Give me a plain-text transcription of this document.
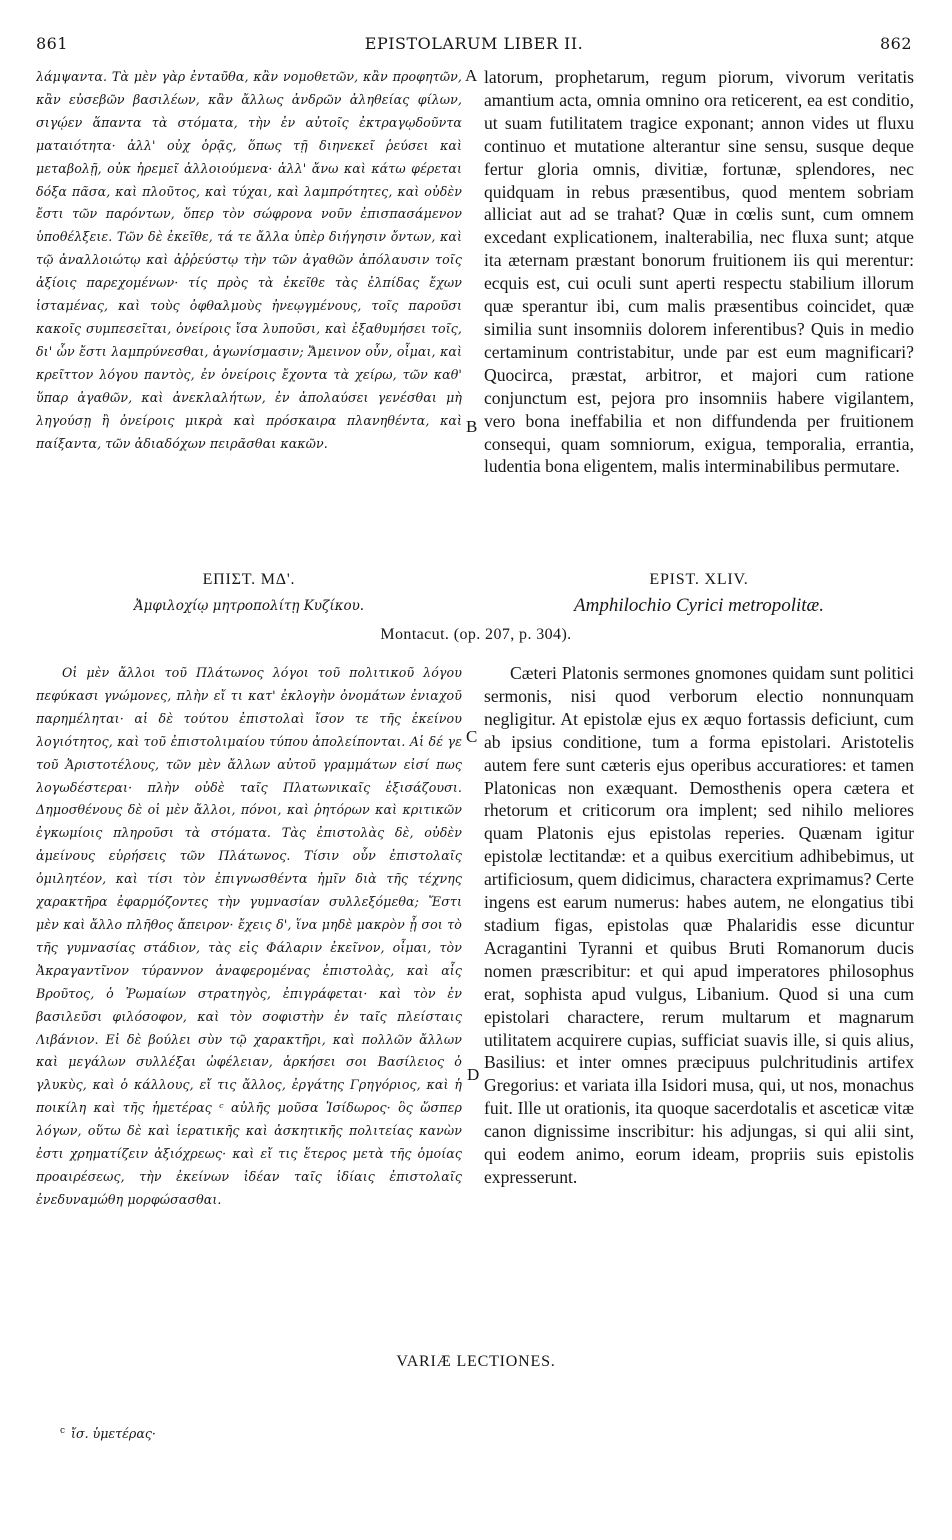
861	EPISTOLARUM LIBER II.	862

λάμψαντα. Τὰ μὲν γὰρ ἐνταῦθα, κἂν νομοθετῶν, κἂν προφητῶν, κἂν εὐσεβῶν βασιλέων, κἂν ἄλλως ἀνδρῶν ἀληθείας φίλων, σιγῴεν ἅπαντα τὰ στόματα, τὴν ἐν αὐτοῖς ἐκτραγῳδοῦντα ματαιότητα· ἀλλ' οὐχ ὁρᾷς, ὅπως τῇ διηνεκεῖ ῥεύσει καὶ μεταβολῇ, οὐκ ἠρεμεῖ ἀλλοιούμενα· ἀλλ' ἄνω καὶ κάτω φέρεται δόξα πᾶσα, καὶ πλοῦτος, καὶ τύχαι, καὶ λαμπρότητες, καὶ οὐδὲν ἔστι τῶν παρόντων, ὅπερ τὸν σώφρονα νοῦν ἐπισπασάμενον ὑποθέλξειε. Τῶν δὲ ἐκεῖθε, τά τε ἄλλα ὑπὲρ διήγησιν ὄντων, καὶ τῷ ἀναλλοιώτῳ καὶ ἀῤῥεύστῳ τὴν τῶν ἀγαθῶν ἀπόλαυσιν τοῖς ἀξίοις παρεχομένων· τίς πρὸς τὰ ἐκεῖθε τὰς ἐλπίδας ἔχων ἱσταμένας, καὶ τοὺς ὀφθαλμοὺς ἠνεῳγμένους, τοῖς παροῦσι κακοῖς συμπεσεῖται, ὀνείροις ἴσα λυποῦσι, καὶ ἐξαθυμήσει τοῖς, δι' ὧν ἔστι λαμπρύνεσθαι, ἀγωνίσμασιν; Ἄμεινον οὖν, οἶμαι, καὶ κρεῖττον λόγου παντὸς, ἐν ὀνείροις ἔχοντα τὰ χείρω, τῶν καθ' ὕπαρ ἀγαθῶν, καὶ ἀνεκλαλήτων, ἐν ἀπολαύσει γενέσθαι μὴ ληγούσῃ ἢ ὀνείροις μικρὰ καὶ πρόσκαιρα πλανηθέντα, καὶ παίξαντα, τῶν ἀδιαδόχων πειρᾶσθαι κακῶν.

latorum, prophetarum, regum piorum, vivorum veritatis amantium acta, omnia omnino ora reticerent, ea est conditio, ut suam futilitatem tragice exponant; annon vides ut fluxu continuo et mutatione alterantur sine sensu, susque deque fertur gloria omnis, divitiæ, fortunæ, splendores, nec quidquam in rebus præsentibus, quod mentem sobriam alliciat aut ad se trahat? Quæ in cœlis sunt, cum omnem excedant explicationem, inalterabilia, nec fluxa sunt; atque ita æternam præstant bonorum fruitionem iis qui merentur: ecquis est, cui oculi sunt aperti respectu stabilium illorum quæ sperantur ibi, cum malis præsentibus coincidet, quæ similia sunt insomniis dolorem inferentibus? Quis in medio certaminum contristabitur, unde par est eum magnificari? Quocirca, præstat, arbitror, et majori cum ratione conjunctum est, pejora pro insomniis habere vigilantem, vero bona ineffabilia et non diffundenda per fruitionem consequi, quam somniorum, exigua, temporalia, errantia, ludentia bona eligentem, malis interminabilibus permutare.

A
B
ΕΠΙΣΤ. ΜΔ'.	EPIST. XLIV.
Ἀμφιλοχίῳ μητροπολίτῃ Κυζίκου.	Amphilochio Cyrici metropolitæ.
Montacut. (op. 207, p. 304).

Οἱ μὲν ἄλλοι τοῦ Πλάτωνος λόγοι τοῦ πολιτικοῦ λόγου πεφύκασι γνώμονες, πλὴν εἴ τι κατ' ἐκλογὴν ὀνομάτων ἐνιαχοῦ παρημέληται· αἱ δὲ τούτου ἐπιστολαὶ ἴσον τε τῆς ἐκείνου λογιότητος, καὶ τοῦ ἐπιστολιμαίου τύπου ἀπολείπονται. Αἱ δέ γε τοῦ Ἀριστοτέλους, τῶν μὲν ἄλλων αὐτοῦ γραμμάτων εἰσί πως λογωδέστεραι· πλὴν οὐδὲ ταῖς Πλατωνικαῖς ἐξισάζουσι. Δημοσθένους δὲ οἱ μὲν ἄλλοι, πόνοι, καὶ ῥητόρων καὶ κριτικῶν ἐγκωμίοις πληροῦσι τὰ στόματα. Τὰς ἐπιστολὰς δὲ, οὐδὲν ἀμείνους εὑρήσεις τῶν Πλάτωνος. Τίσιν οὖν ἐπιστολαῖς ὁμιλητέον, καὶ τίσι τὸν ἐπιγνωσθέντα ἡμῖν διὰ τῆς τέχνης χαρακτῆρα ἐφαρμόζοντες τὴν γυμνασίαν συλλεξόμεθα; Ἔστι μὲν καὶ ἄλλο πλῆθος ἄπειρον· ἔχεις δ', ἵνα μηδὲ μακρὸν ᾖ σοι τὸ τῆς γυμνασίας στάδιον, τὰς εἰς Φάλαριν ἐκεῖνον, οἶμαι, τὸν Ἀκραγαντῖνον τύραννον ἀναφερομένας ἐπιστολὰς, καὶ αἷς Βροῦτος, ὁ Ῥωμαίων στρατηγὸς, ἐπιγράφεται· καὶ τὸν ἐν βασιλεῦσι φιλόσοφον, καὶ τὸν σοφιστὴν ἐν ταῖς πλείσταις Λιβάνιον. Εἰ δὲ βούλει σὺν τῷ χαρακτῆρι, καὶ πολλῶν ἄλλων καὶ μεγάλων συλλέξαι ὠφέλειαν, ἀρκήσει σοι Βασίλειος ὁ γλυκὺς, καὶ ὁ κάλλους, εἴ τις ἄλλος, ἐργάτης Γρηγόριος, καὶ ἡ ποικίλη καὶ τῆς ἡμετέρας ᶜ αὐλῆς μοῦσα Ἰσίδωρος· ὃς ὥσπερ λόγων, οὕτω δὲ καὶ ἱερατικῆς καὶ ἀσκητικῆς πολιτείας κανὼν ἐστι χρηματίζειν ἀξιόχρεως· καὶ εἴ τις ἕτερος μετὰ τῆς ὁμοίας προαιρέσεως, τὴν ἐκείνων ἰδέαν ταῖς ἰδίαις ἐπιστολαῖς ἐνεδυναμώθη μορφώσασθαι.

Cæteri Platonis sermones gnomones quidam sunt politici sermonis, nisi quod verborum electio nonnunquam negligitur. At epistolæ ejus ex æquo fortassis deficiunt, cum ab ipsius conditione, tum a forma epistolari. Aristotelis autem fere sunt cæteris ejus operibus accuratiores: et tamen Platonicas non exæquant. Demosthenis opera cætera et rhetorum et criticorum ora implent; sed nihilo meliores quam Platonis ejus epistolas reperies. Quænam igitur epistolæ lectitandæ: et a quibus exercitium adhibebimus, ut artificiosum, quem didicimus, charactera exprimamus? Certe ingens est earum numerus: habes autem, ne elongatius tibi stadium figas, epistolas quæ Phalaridis esse dicuntur Acragantini Tyranni et quibus Bruti Romanorum ducis nomen præscribitur: et qui apud imperatores philosophus erat, sophista apud vulgus, Libanium. Quod si una cum epistolari charactere, rerum multarum et magnarum utilitatem acquirere cupias, sufficiat suavis ille, si quis alius, Basilius: et inter omnes præcipuus pulchritudinis artifex Gregorius: et variata illa Isidori musa, qui, ut nos, monachus fuit. Ille ut orationis, ita quoque sacerdotalis et asceticæ vitæ canon dignissime inscribitur: his adjungas, si qui alii sint, qui eodem animo, eorum ideam, propriis suis epistolis expresserunt.

C
D
VARIÆ LECTIONES.
$^c$ ἴσ. ὑμετέρας·
